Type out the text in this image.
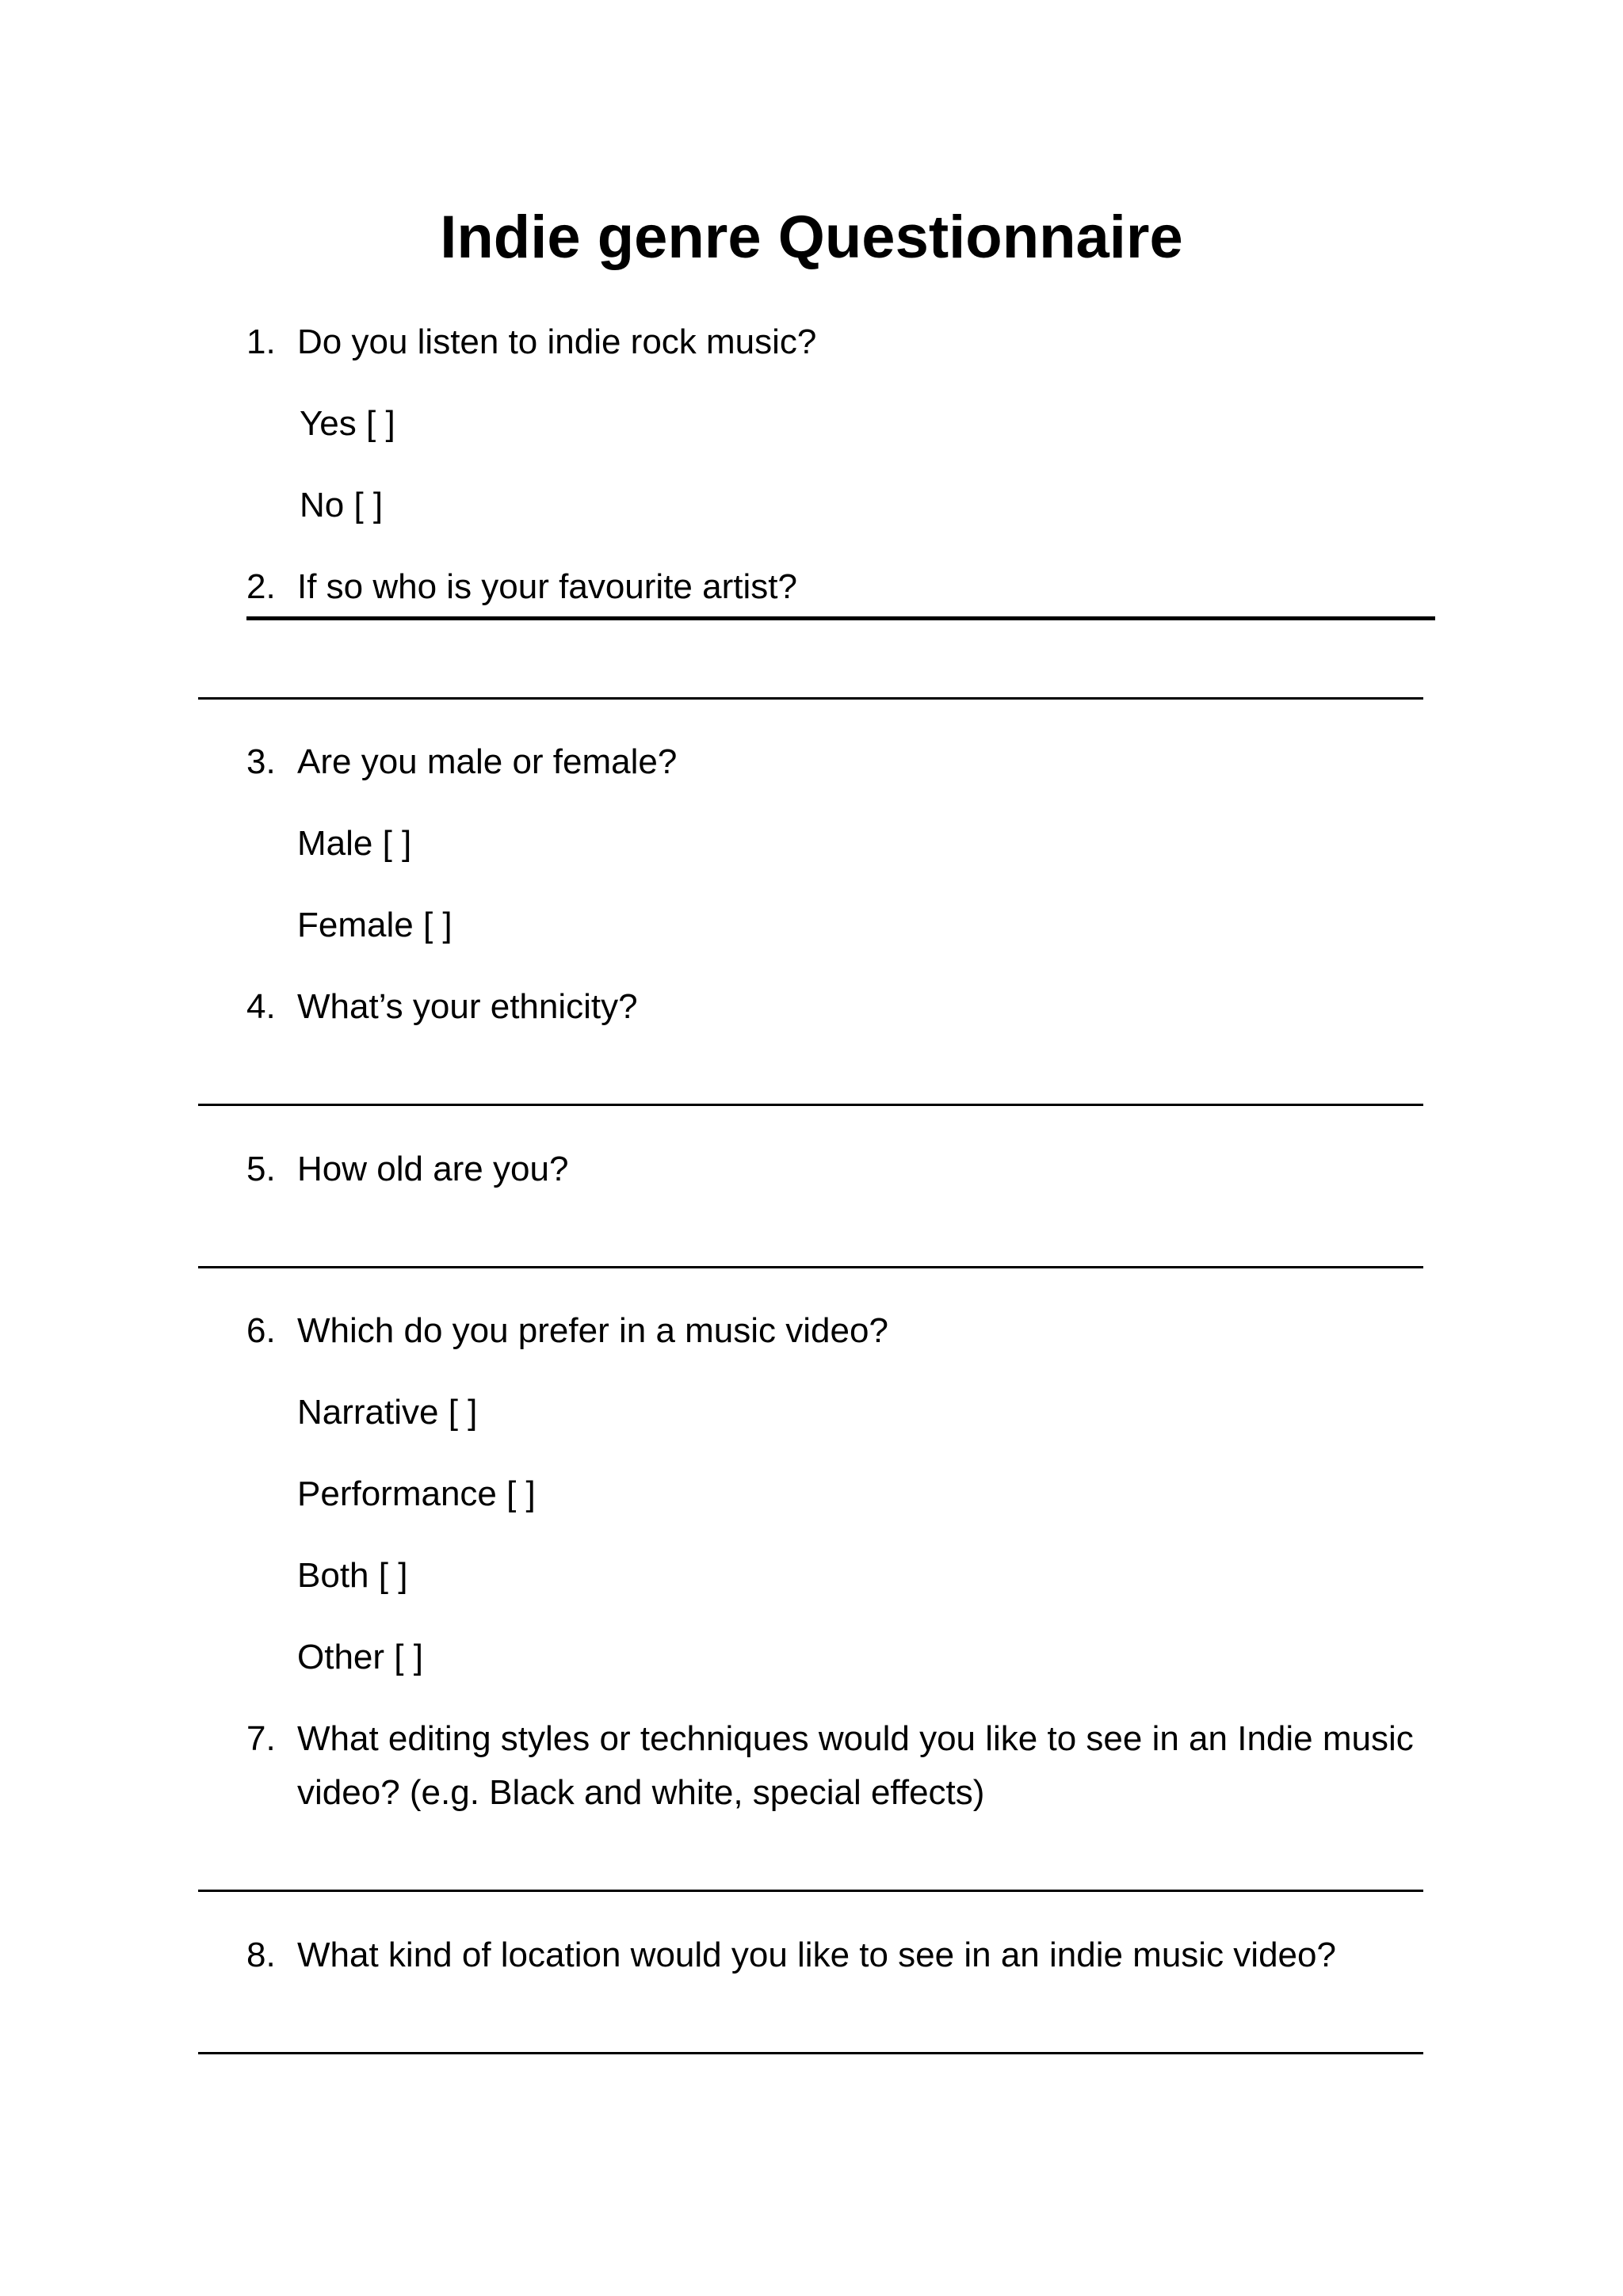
Indie genre Questionnaire
1. Do you listen to indie rock music?
Yes [ ]
No [ ]
2. If so who is your favourite artist?
3. Are you male or female?
Male [ ]
Female [ ]
4. What’s your ethnicity?
5. How old are you?
6. Which do you prefer in a music video?
Narrative [ ]
Performance [ ]
Both [ ]
Other [ ]
7. What editing styles or techniques would you like to see in an Indie music
video? (e.g. Black and white, special effects)
8. What kind of location would you like to see in an indie music video?
